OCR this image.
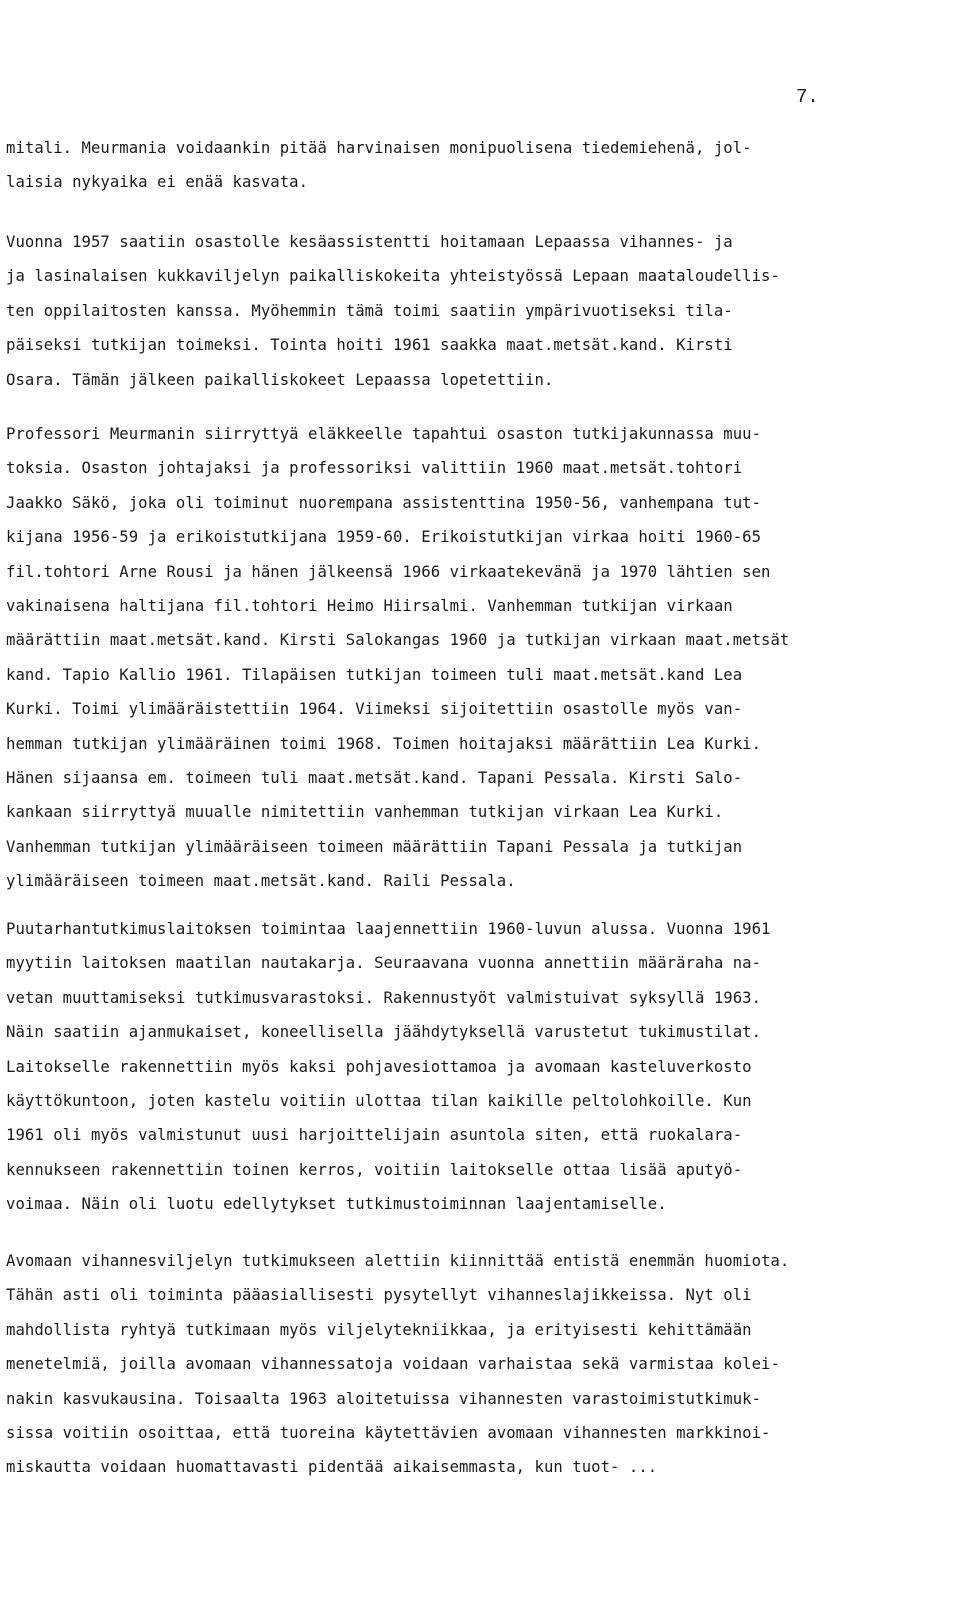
7.
mitali. Meurmania voidaankin pitää harvinaisen monipuolisena tiedemiehenä, jol-
laisia nykyaika ei enää kasvata.
Vuonna 1957 saatiin osastolle kesäassistentti hoitamaan Lepaassa vihannes- ja
ja lasinalaisen kukkaviljelyn paikalliskokeita yhteistyössä Lepaan maataloudellis-
ten oppilaitosten kanssa. Myöhemmin tämä toimi saatiin ympärivuotiseksi tila-
päiseksi tutkijan toimeksi. Tointa hoiti 1961 saakka maat.metsät.kand. Kirsti
Osara. Tämän jälkeen paikalliskokeet Lepaassa lopetettiin.
Professori Meurmanin siirryttyä eläkkeelle tapahtui osaston tutkijakunnassa muu-
toksia. Osaston johtajaksi ja professoriksi valittiin 1960 maat.metsät.tohtori
Jaakko Säkö, joka oli toiminut nuorempana assistenttina 1950-56, vanhempana tut-
kijana 1956-59 ja erikoistutkijana 1959-60. Erikoistutkijan virkaa hoiti 1960-65
fil.tohtori Arne Rousi ja hänen jälkeensä 1966 virkaatekevänä ja 1970 lähtien sen
vakinaisena haltijana fil.tohtori Heimo Hiirsalmi. Vanhemman tutkijan virkaan
määrättiin maat.metsät.kand. Kirsti Salokangas 1960 ja tutkijan virkaan maat.metsät
kand. Tapio Kallio 1961. Tilapäisen tutkijan toimeen tuli maat.metsät.kand Lea
Kurki. Toimi ylimääräistettiin 1964. Viimeksi sijoitettiin osastolle myös van-
hemman tutkijan ylimääräinen toimi 1968. Toimen hoitajaksi määrättiin Lea Kurki.
Hänen sijaansa em. toimeen tuli maat.metsät.kand. Tapani Pessala. Kirsti Salo-
kankaan siirryttyä muualle nimitettiin vanhemman tutkijan virkaan Lea Kurki.
Vanhemman tutkijan ylimääräiseen toimeen määrättiin Tapani Pessala ja tutkijan
ylimääräiseen toimeen maat.metsät.kand. Raili Pessala.
Puutarhantutkimuslaitoksen toimintaa laajennettiin 1960-luvun alussa. Vuonna 1961
myytiin laitoksen maatilan nautakarja. Seuraavana vuonna annettiin määräraha na-
vetan muuttamiseksi tutkimusvarastoksi. Rakennustyöt valmistuivat syksyllä 1963.
Näin saatiin ajanmukaiset, koneellisella jäähdytyksellä varustetut tukimustilat.
Laitokselle rakennettiin myös kaksi pohjavesiottamoa ja avomaan kasteluverkosto
käyttökuntoon, joten kastelu voitiin ulottaa tilan kaikille peltolohkoille. Kun
1961 oli myös valmistunut uusi harjoittelijain asuntola siten, että ruokalara-
kennukseen rakennettiin toinen kerros, voitiin laitokselle ottaa lisää aputyö-
voimaa. Näin oli luotu edellytykset tutkimustoiminnan laajentamiselle.
Avomaan vihannesviljelyn tutkimukseen alettiin kiinnittää entistä enemmän huomiota.
Tähän asti oli toiminta pääasiallisesti pysytellyt vihanneslajikkeissa. Nyt oli
mahdollista ryhtyä tutkimaan myös viljelytekniikkaa, ja erityisesti kehittämään
menetelmiä, joilla avomaan vihannessatoja voidaan varhaistaa sekä varmistaa kolei-
nakin kasvukausina. Toisaalta 1963 aloitetuissa vihannesten varastoimistutkimuk-
sissa voitiin osoittaa, että tuoreina käytettävien avomaan vihannesten markkinoi-
miskautta voidaan huomattavasti pidentää aikaisemmasta, kun tuot- ...
